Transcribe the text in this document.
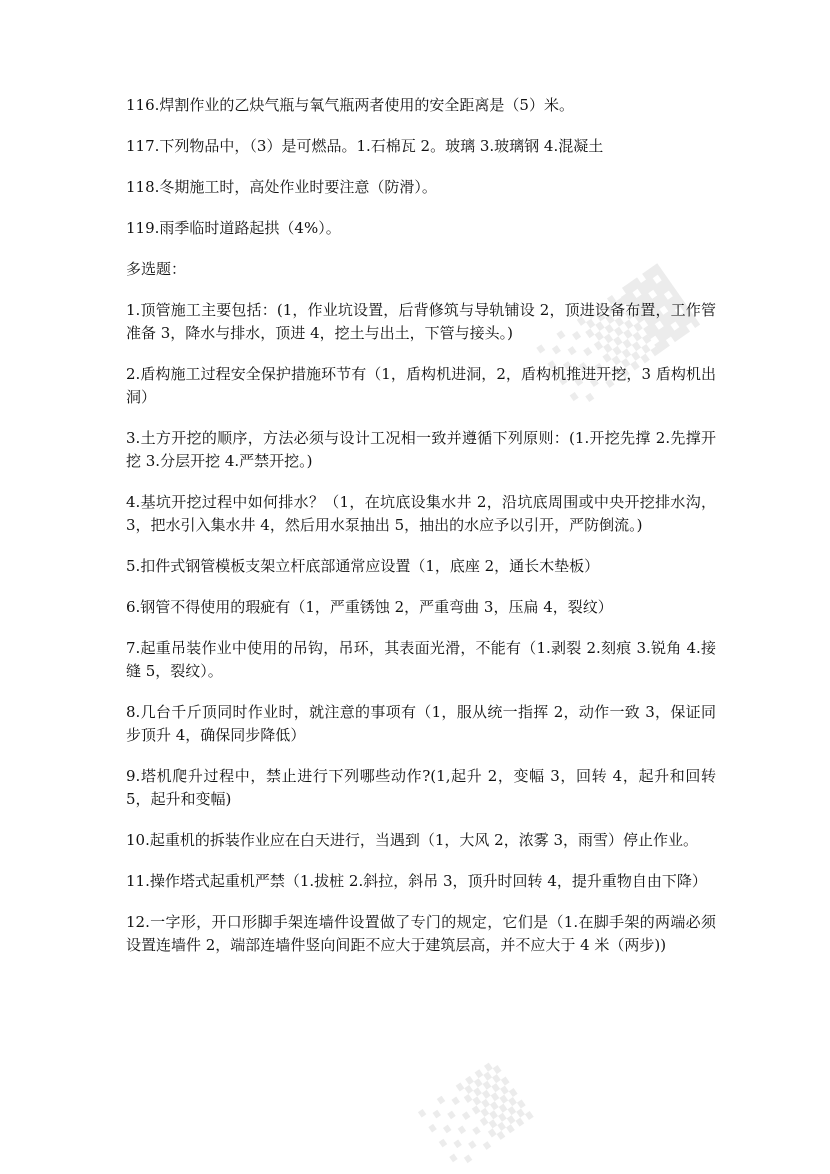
░▒▓
░▒

116.焊割作业的乙炔气瓶与氧气瓶两者使用的安全距离是（5）米。

117.下列物品中，（3）是可燃品。1.石棉瓦 2。玻璃 3.玻璃钢 4.混凝土

118.冬期施工时，高处作业时要注意（防滑）。

119.雨季临时道路起拱（4%）。

多选题：

1.顶管施工主要包括：(1，作业坑设置，后背修筑与导轨铺设 2，顶进设备布置，工作管准备 3，降水与排水，顶进 4，挖土与出土，下管与接头。)

2.盾构施工过程安全保护措施环节有（1，盾构机进洞，2，盾构机推进开挖，3 盾构机出洞）

3.土方开挖的顺序，方法必须与设计工况相一致并遵循下列原则：(1.开挖先撑 2.先撑开挖 3.分层开挖 4.严禁开挖。)

4.基坑开挖过程中如何排水？（1，在坑底设集水井 2，沿坑底周围或中央开挖排水沟，3，把水引入集水井 4，然后用水泵抽出 5，抽出的水应予以引开，严防倒流。)

5.扣件式钢管模板支架立杆底部通常应设置（1，底座 2，通长木垫板）

6.钢管不得使用的瑕疵有（1，严重锈蚀 2，严重弯曲 3，压扁 4，裂纹）

7.起重吊装作业中使用的吊钩，吊环，其表面光滑，不能有（1.剥裂 2.刻痕 3.锐角 4.接缝 5，裂纹）。

8.几台千斤顶同时作业时，就注意的事项有（1，服从统一指挥 2，动作一致 3，保证同步顶升 4，确保同步降低）

9.塔机爬升过程中，禁止进行下列哪些动作?(1,起升 2，变幅 3，回转 4，起升和回转 5，起升和变幅)

10.起重机的拆装作业应在白天进行，当遇到（1，大风 2，浓雾 3，雨雪）停止作业。

11.操作塔式起重机严禁（1.拔桩 2.斜拉，斜吊 3，顶升时回转 4，提升重物自由下降）

12.一字形，开口形脚手架连墙件设置做了专门的规定，它们是（1.在脚手架的两端必须设置连墙件 2，端部连墙件竖向间距不应大于建筑层高，并不应大于 4 米（两步))
